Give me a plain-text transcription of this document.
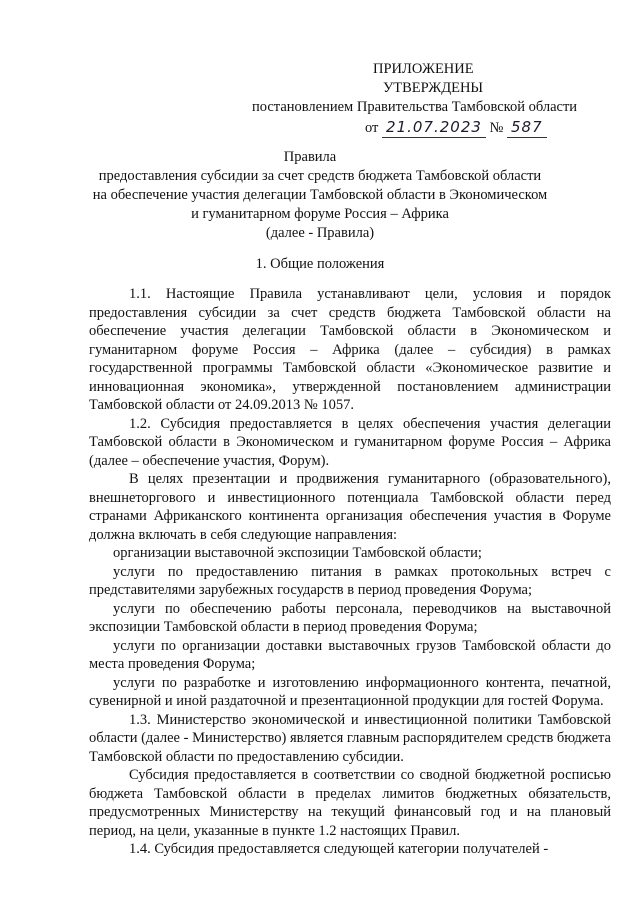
ПРИЛОЖЕНИЕ
УТВЕРЖДЕНЫ
постановлением Правительства Тамбовской области
от 21.07.2023 № 587
Правила
предоставления субсидии за счет средств бюджета Тамбовской области
на обеспечение участия делегации Тамбовской области в Экономическом
и гуманитарном форуме Россия – Африка
(далее - Правила)
1. Общие положения

1.1. Настоящие Правила устанавливают цели, условия и порядок предоставления субсидии за счет средств бюджета Тамбовской области на обеспечение участия делегации Тамбовской области в Экономическом и гуманитарном форуме Россия – Африка (далее – субсидия) в рамках государственной программы Тамбовской области «Экономическое развитие и инновационная экономика», утвержденной постановлением администрации Тамбовской области от 24.09.2013 № 1057.

1.2. Субсидия предоставляется в целях обеспечения участия делегации Тамбовской области в Экономическом и гуманитарном форуме Россия – Африка (далее – обеспечение участия, Форум).

В целях презентации и продвижения гуманитарного (образовательного), внешнеторгового и инвестиционного потенциала Тамбовской области перед странами Африканского континента организация обеспечения участия в Форуме должна включать в себя следующие направления:

организации выставочной экспозиции Тамбовской области;

услуги по предоставлению питания в рамках протокольных встреч с представителями зарубежных государств в период проведения Форума;

услуги по обеспечению работы персонала, переводчиков на выставочной экспозиции Тамбовской области в период проведения Форума;

услуги по организации доставки выставочных грузов Тамбовской области до места проведения Форума;

услуги по разработке и изготовлению информационного контента, печатной, сувенирной и иной раздаточной и презентационной продукции для гостей Форума.

1.3. Министерство экономической и инвестиционной политики Тамбовской области (далее - Министерство) является главным распорядителем средств бюджета Тамбовской области по предоставлению субсидии.

Субсидия предоставляется в соответствии со сводной бюджетной росписью бюджета Тамбовской области в пределах лимитов бюджетных обязательств, предусмотренных Министерству на текущий финансовый год и на плановый период, на цели, указанные в пункте 1.2 настоящих Правил.

1.4. Субсидия предоставляется следующей категории получателей -
